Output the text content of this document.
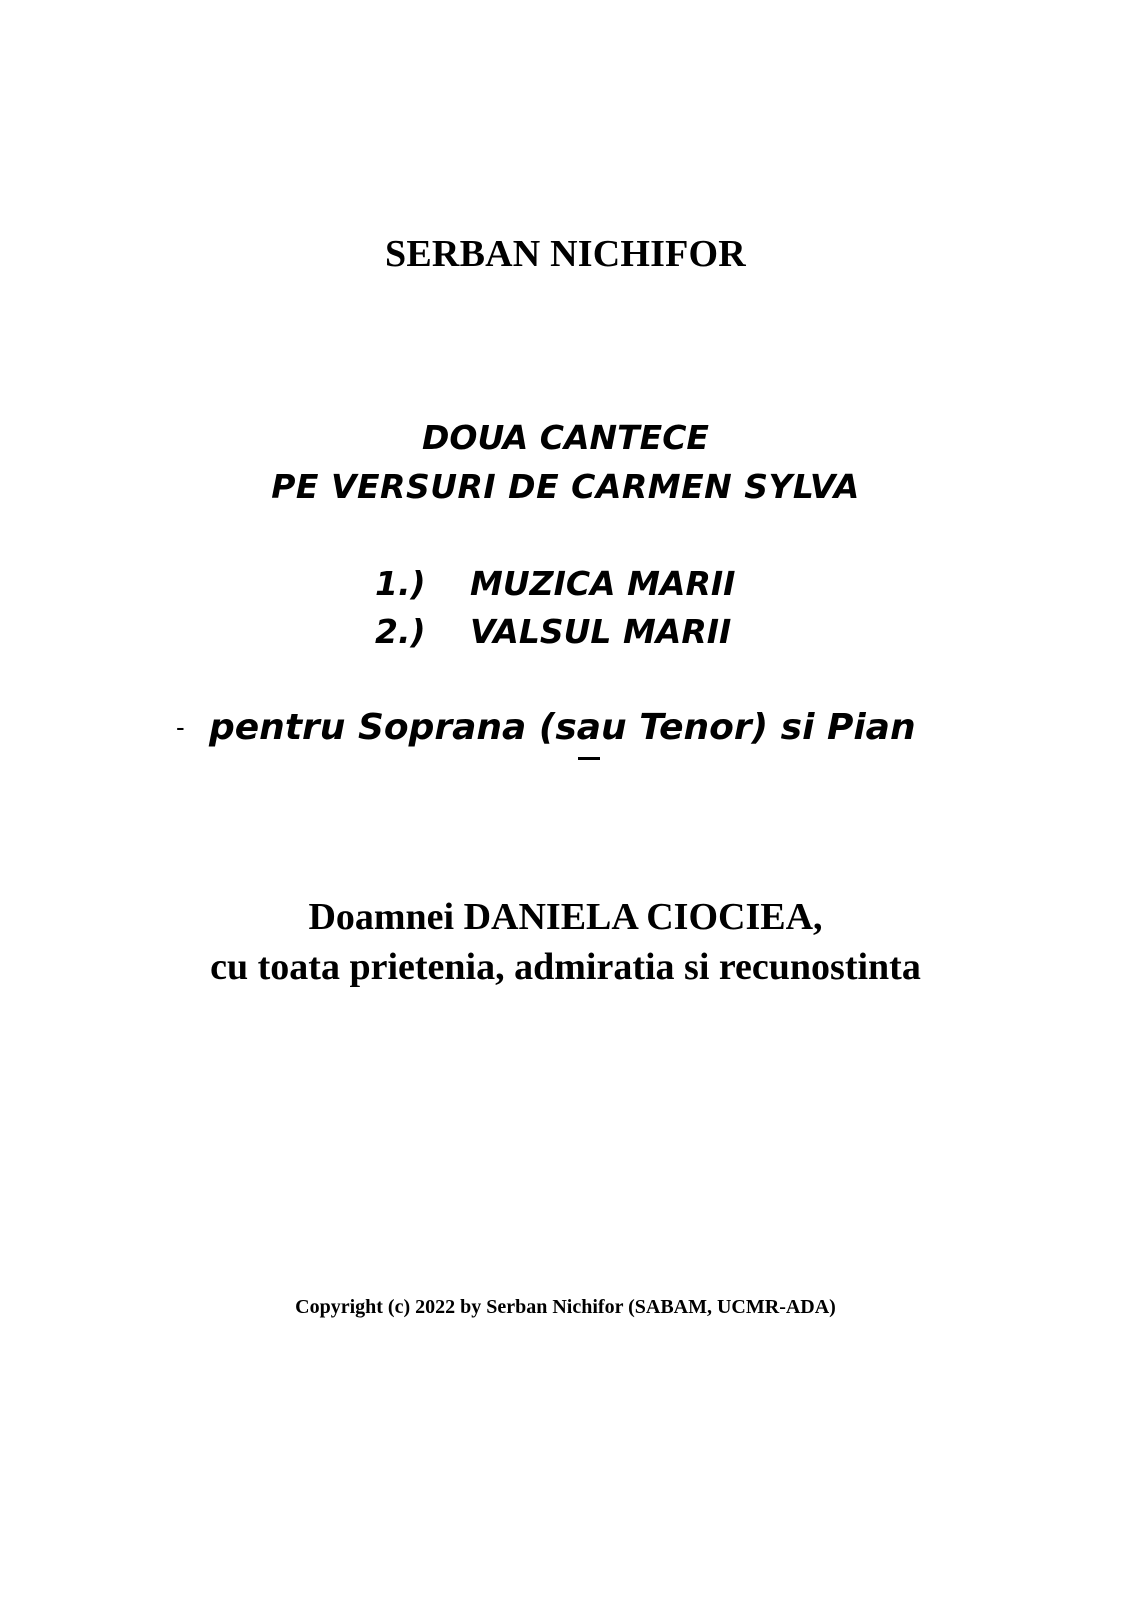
SERBAN NICHIFOR
DOUA CANTECE
PE VERSURI DE CARMEN SYLVA
1.) MUZICA MARII
2.) VALSUL MARII
- pentru Soprana (sau Tenor) si Pian
Doamnei DANIELA CIOCIEA,
cu toata prietenia, admiratia si recunostinta
Copyright (c) 2022 by Serban Nichifor (SABAM, UCMR-ADA)
